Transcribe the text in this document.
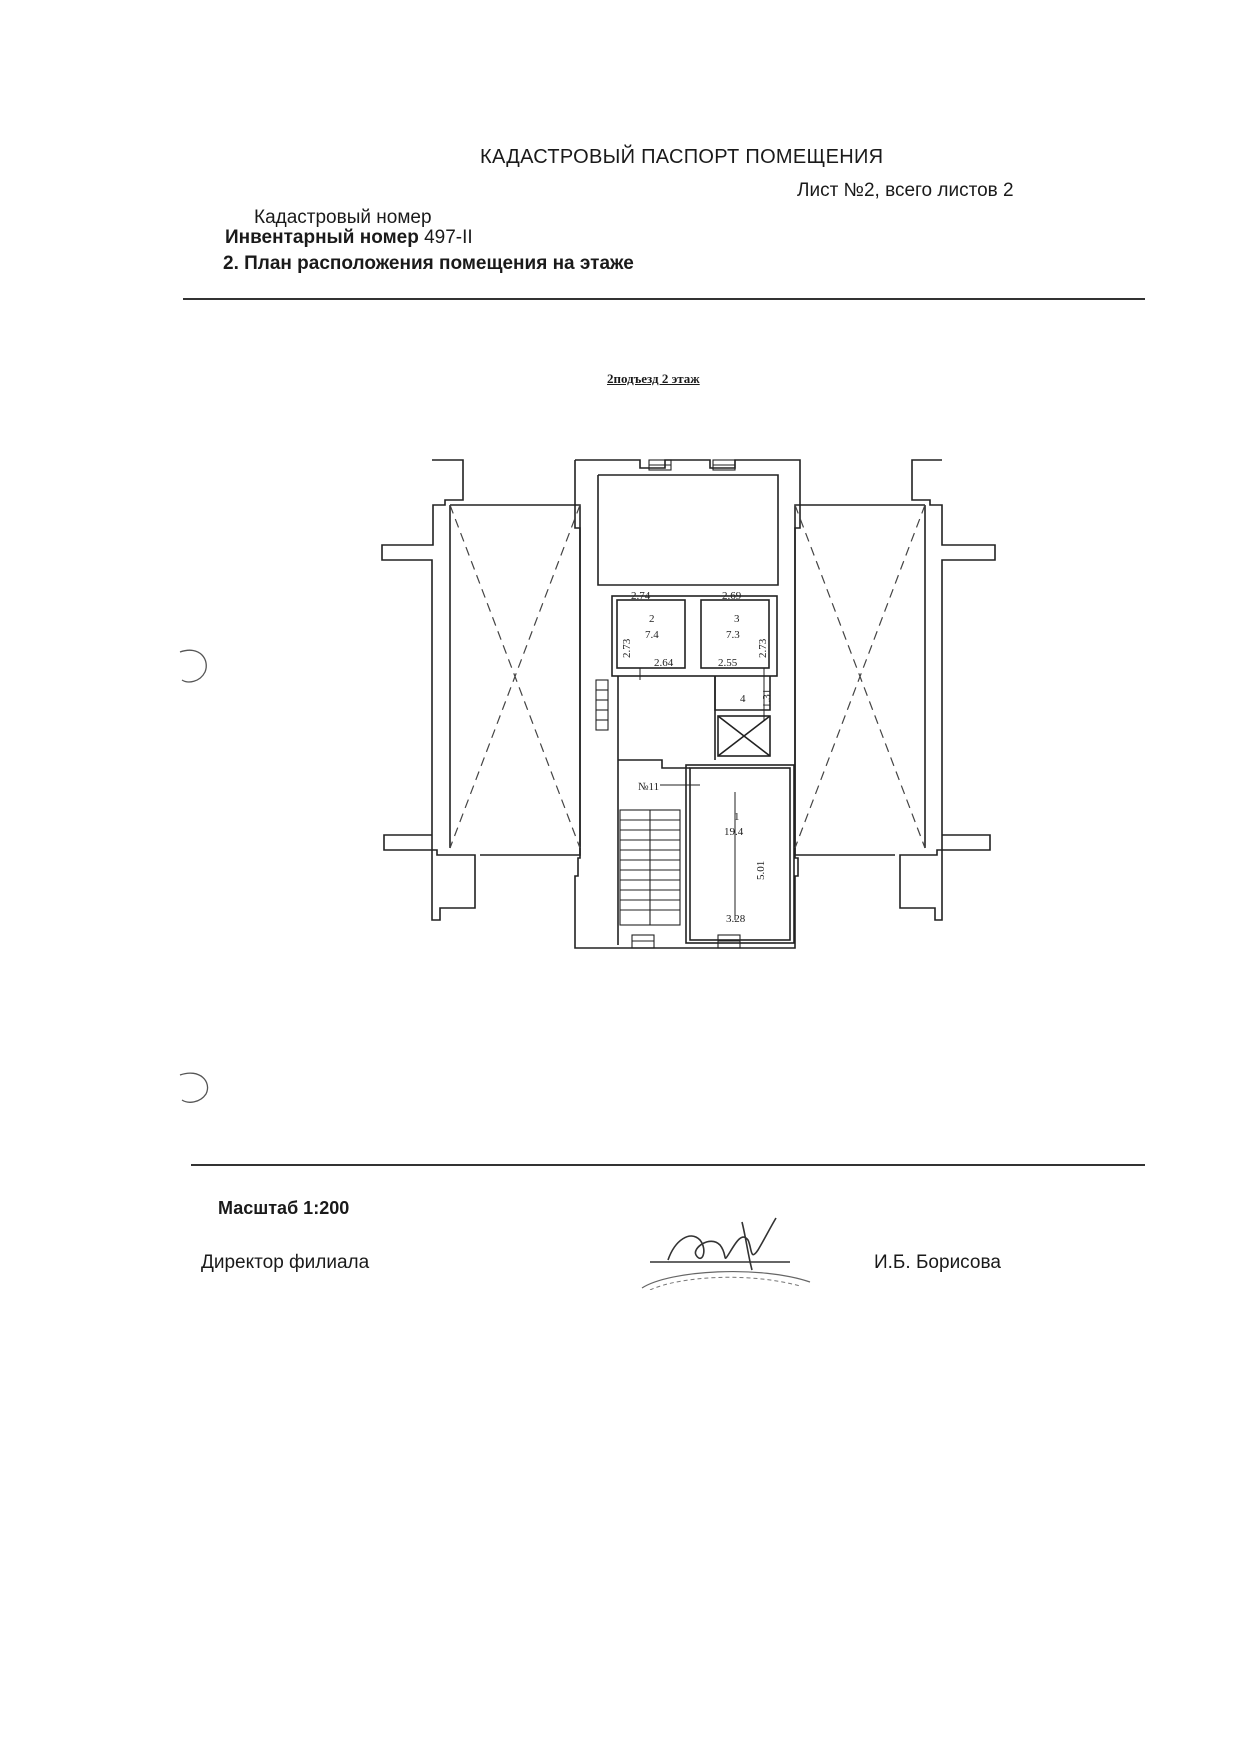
КАДАСТРОВЫЙ ПАСПОРТ ПОМЕЩЕНИЯ
Лист №2, всего листов 2
Кадастровый номер
Инвентарный номер 497-II
2. План расположения помещения на этаже
2подъезд 2 этаж
2.74
2
7.4
2.73
2.64
2.69
3
7.3
2.73
2.55
4 1.31
№11
1
19.4
5.01
3.28
Масштаб 1:200
Директор филиала	И.Б. Борисова
